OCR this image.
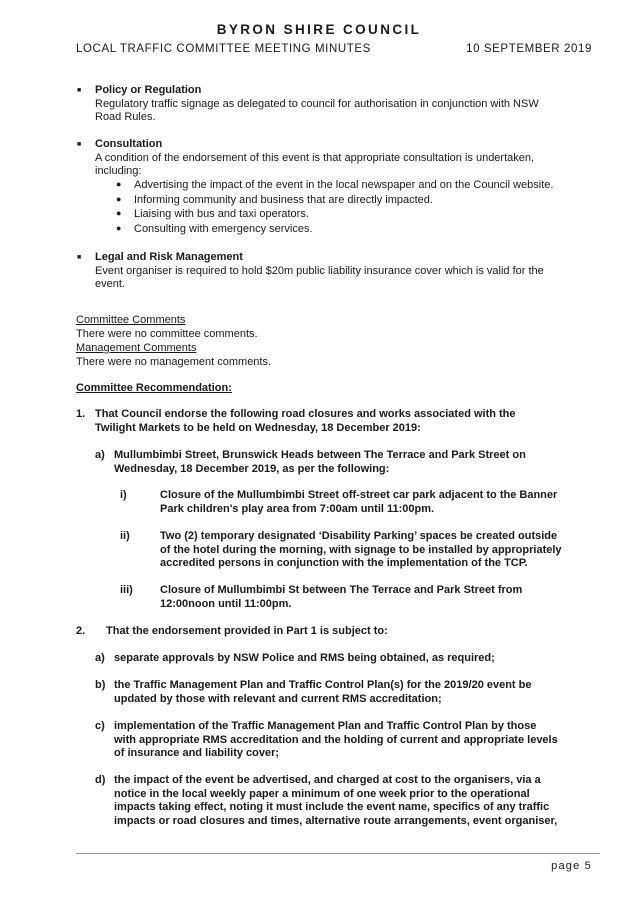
BYRON SHIRE COUNCIL
LOCAL TRAFFIC COMMITTEE MEETING MINUTES	10 SEPTEMBER 2019
■ Policy or Regulation
Regulatory traffic signage as delegated to council for authorisation in conjunction with NSW
Road Rules.
■ Consultation
A condition of the endorsement of this event is that appropriate consultation is undertaken,
including:
● Advertising the impact of the event in the local newspaper and on the Council website.
● Informing community and business that are directly impacted.
● Liaising with bus and taxi operators.
● Consulting with emergency services.
■ Legal and Risk Management
Event organiser is required to hold $20m public liability insurance cover which is valid for the
event.
Committee Comments
There were no committee comments.
Management Comments
There were no management comments.
Committee Recommendation:
1. That Council endorse the following road closures and works associated with the
Twilight Markets to be held on Wednesday, 18 December 2019:
a) Mullumbimbi Street, Brunswick Heads between The Terrace and Park Street on
Wednesday, 18 December 2019, as per the following:
i)	Closure of the Mullumbimbi Street off-street car park adjacent to the Banner
Park children's play area from 7:00am until 11:00pm.
ii)	Two (2) temporary designated ‘Disability Parking’ spaces be created outside
of the hotel during the morning, with signage to be installed by appropriately
accredited persons in conjunction with the implementation of the TCP.
iii) Closure of Mullumbimbi St between The Terrace and Park Street from
12:00noon until 11:00pm.
2. That the endorsement provided in Part 1 is subject to:
a) separate approvals by NSW Police and RMS being obtained, as required;
b) the Traffic Management Plan and Traffic Control Plan(s) for the 2019/20 event be
updated by those with relevant and current RMS accreditation;
c) implementation of the Traffic Management Plan and Traffic Control Plan by those
with appropriate RMS accreditation and the holding of current and appropriate levels
of insurance and liability cover;
d) the impact of the event be advertised, and charged at cost to the organisers, via a
notice in the local weekly paper a minimum of one week prior to the operational
impacts taking effect, noting it must include the event name, specifics of any traffic
impacts or road closures and times, alternative route arrangements, event organiser,
page 5
